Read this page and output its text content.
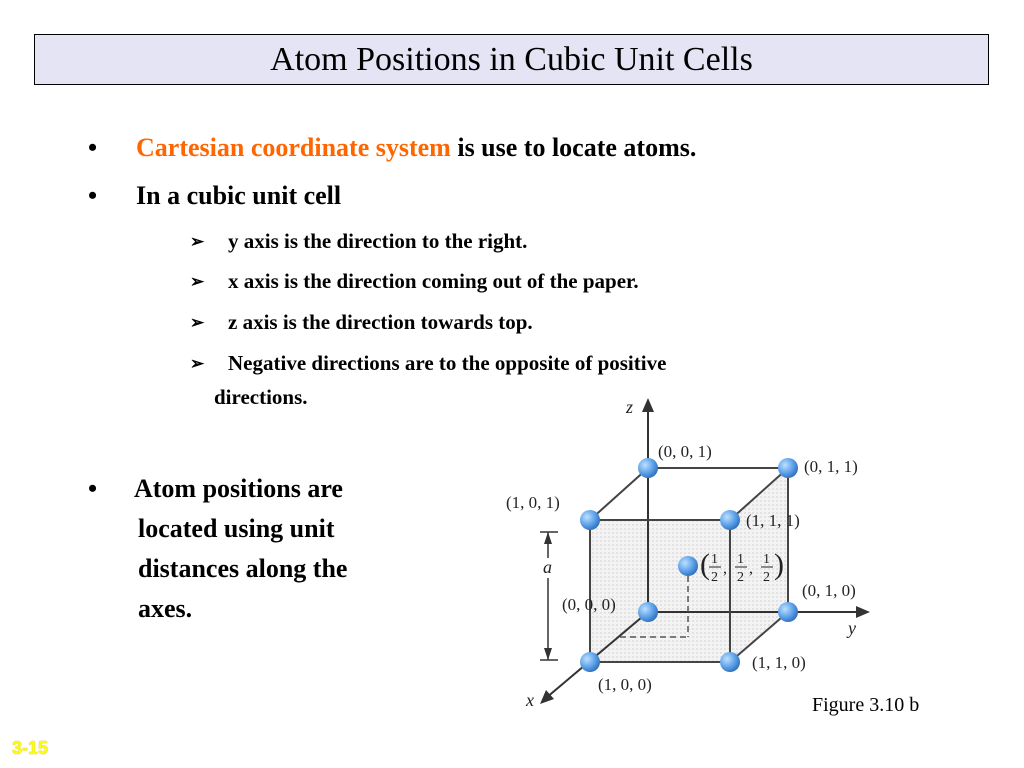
Atom Positions in Cubic Unit Cells
• Cartesian coordinate system is use to locate atoms.
• In a cubic unit cell
➢ y axis is the direction to the right.
➢ x axis is the direction coming out of the paper.
➢ z axis is the direction towards top.
➢ Negative directions are to the opposite of positive
directions.
• Atom positions are
located using unit
distances along the
axes.
a
z
y
x
(0, 0, 1)
(0, 1, 1)
(1, 0, 1)
(1, 1, 1)
(0, 0, 0)
(0, 1, 0)
(1, 0, 0)
(1, 1, 0)
( 1
2
,
1
2
,
1
2 )
Figure 3.10 b
3-15
